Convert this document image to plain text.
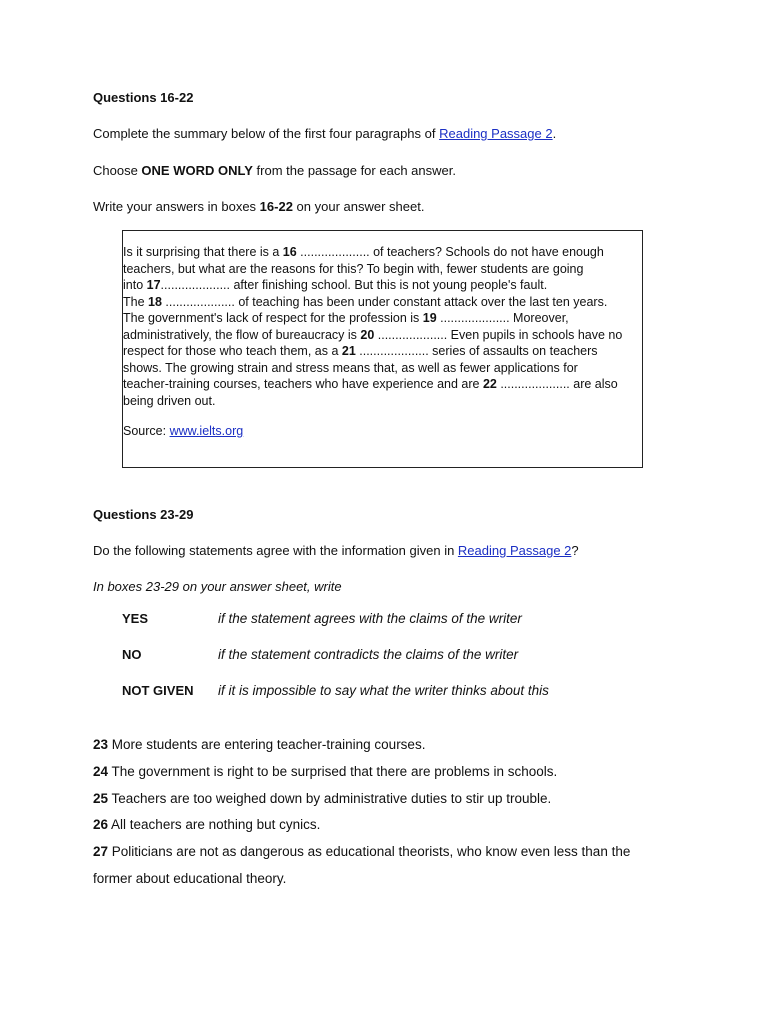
Questions 16-22
Complete the summary below of the first four paragraphs of Reading Passage 2.
Choose ONE WORD ONLY from the passage for each answer.
Write your answers in boxes 16-22 on your answer sheet.
Is it surprising that there is a 16 .................... of teachers? Schools do not have enough
teachers, but what are the reasons for this? To begin with, fewer students are going
into 17.................... after finishing school. But this is not young people's fault.
The 18 .................... of teaching has been under constant attack over the last ten years.
The government's lack of respect for the profession is 19 .................... Moreover,
administratively, the flow of bureaucracy is 20 .................... Even pupils in schools have no
respect for those who teach them, as a 21 .................... series of assaults on teachers
shows. The growing strain and stress means that, as well as fewer applications for
teacher-training courses, teachers who have experience and are 22 .................... are also
being driven out.
Source: www.ielts.org
Questions 23-29
Do the following statements agree with the information given in Reading Passage 2?
In boxes 23-29 on your answer sheet, write
YES	if the statement agrees with the claims of the writer
NO	if the statement contradicts the claims of the writer
NOT GIVEN if it is impossible to say what the writer thinks about this
23 More students are entering teacher-training courses.
24 The government is right to be surprised that there are problems in schools.
25 Teachers are too weighed down by administrative duties to stir up trouble.
26 All teachers are nothing but cynics.
27 Politicians are not as dangerous as educational theorists, who know even less than the
former about educational theory.
